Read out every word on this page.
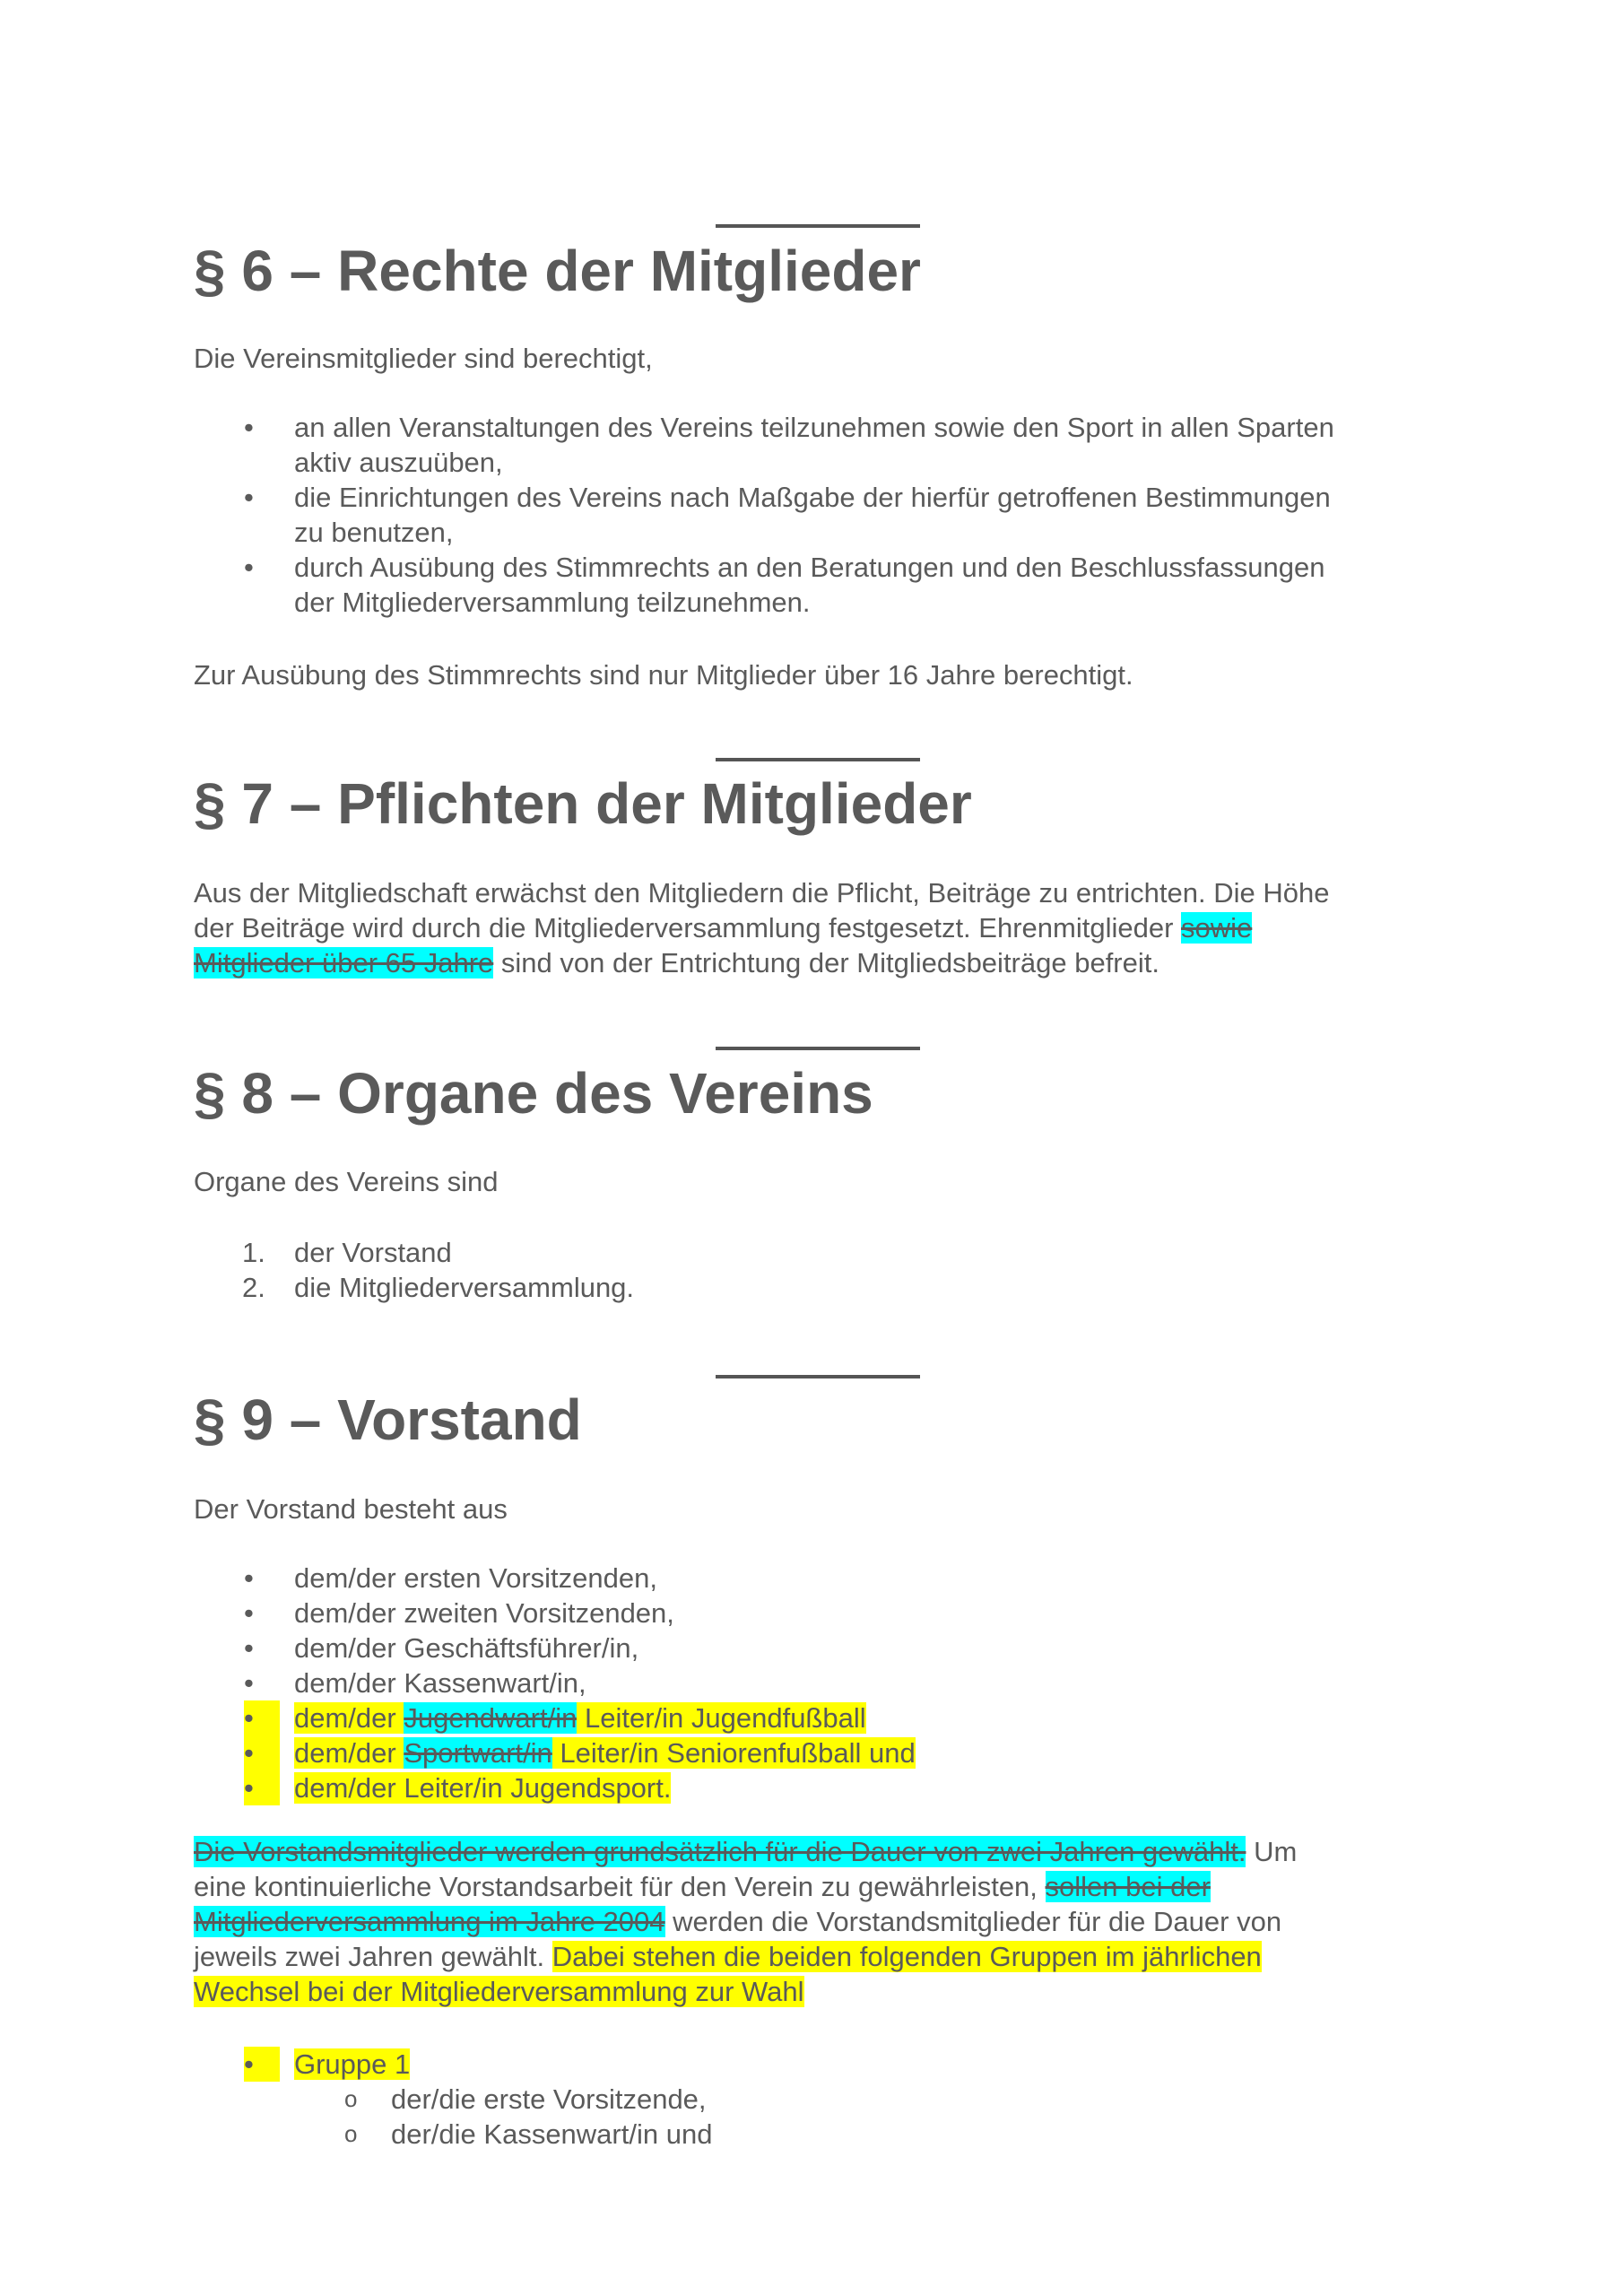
§ 6 – Rechte der Mitglieder

Die Vereinsmitglieder sind berechtigt,

•
an allen Veranstaltungen des Vereins teilzunehmen sowie den Sport in allen Sparten
aktiv auszuüben,
•
die Einrichtungen des Vereins nach Maßgabe der hierfür getroffenen Bestimmungen
zu benutzen,
•
durch Ausübung des Stimmrechts an den Beratungen und den Beschlussfassungen
der Mitgliederversammlung teilzunehmen.

Zur Ausübung des Stimmrechts sind nur Mitglieder über 16 Jahre berechtigt.

§ 7 – Pflichten der Mitglieder

Aus der Mitgliedschaft erwächst den Mitgliedern die Pflicht, Beiträge zu entrichten. Die Höhe
der Beiträge wird durch die Mitgliederversammlung festgesetzt. Ehrenmitglieder sowie
Mitglieder über 65 Jahre sind von der Entrichtung der Mitgliedsbeiträge befreit.

§ 8 – Organe des Vereins

Organe des Vereins sind

1.	der Vorstand
2.	die Mitgliederversammlung.
§ 9 – Vorstand

Der Vorstand besteht aus

•
dem/der ersten Vorsitzenden,
•
dem/der zweiten Vorsitzenden,
•
dem/der Geschäftsführer/in,
•
dem/der Kassenwart/in,
•
dem/der Jugendwart/in Leiter/in Jugendfußball
•
dem/der Sportwart/in Leiter/in Seniorenfußball und
•
dem/der Leiter/in Jugendsport.

Die Vorstandsmitglieder werden grundsätzlich für die Dauer von zwei Jahren gewählt. Um
eine kontinuierliche Vorstandsarbeit für den Verein zu gewährleisten, sollen bei der
Mitgliederversammlung im Jahre 2004 werden die Vorstandsmitglieder für die Dauer von
jeweils zwei Jahren gewählt. Dabei stehen die beiden folgenden Gruppen im jährlichen
Wechsel bei der Mitgliederversammlung zur Wahl

•
Gruppe 1
o	der/die erste Vorsitzende,
o	der/die Kassenwart/in und
